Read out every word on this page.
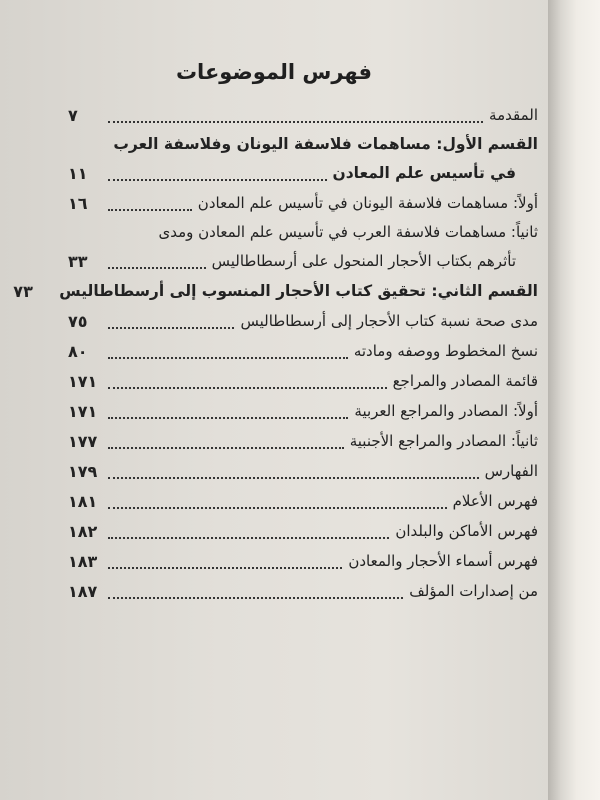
فهرس الموضوعات
المقدمة
٧
القسم الأول: مساهمات فلاسفة اليونان وفلاسفة العرب
في تأسيس علم المعادن
١١
أولاً: مساهمات فلاسفة اليونان في تأسيس علم المعادن
١٦
ثانياً: مساهمات فلاسفة العرب في تأسيس علم المعادن ومدى
تأثرهم بكتاب الأحجار المنحول على أرسطاطاليس
٣٣
القسم الثاني: تحقيق كتاب الأحجار المنسوب إلى أرسطاطاليس
٧٣
مدى صحة نسبة كتاب الأحجار إلى أرسطاطاليس
٧٥
نسخ المخطوط ووصفه ومادته
٨٠
قائمة المصادر والمراجع
١٧١
أولاً: المصادر والمراجع العربية
١٧١
ثانياً: المصادر والمراجع الأجنبية
١٧٧
الفهارس
١٧٩
فهرس الأعلام
١٨١
فهرس الأماكن والبلدان
١٨٢
فهرس أسماء الأحجار والمعادن
١٨٣
من إصدارات المؤلف
١٨٧
